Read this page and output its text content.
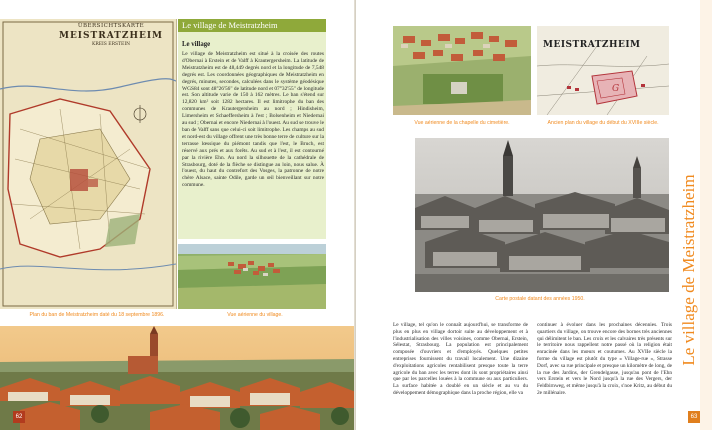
ÜBERSICHTSKARTE
MEISTRATZHEIM
KREIS ERSTEIN
Le village de Meistratzheim
Le village
Le village de Meistratzheim est situé à la croisée des routes d'Obernai à Erstein et de Valff à Krautergersheim. La latitude de Meistratzheim est de 48,449 degrés nord et la longitude de 7,548 degrés est. Les coordonnées géographiques de Meistratzheim en degrés, minutes, secondes, calculées dans le système géodésique WGS84 sont 48°26'56" de latitude nord et 07°32'55" de longitude est. Son altitude varie de 150 à 162 mètres. Le ban s'étend sur 12,820 km² soit 1282 hectares. Il est limitrophe du ban des communes de Krautergersheim au nord ; Hindisheim, Limersheim et Schaeffersheim à l'est ; Bolsenheim et Niedernai au sud ; Obernai et encore Niedernai à l'ouest. Au sud se trouve le ban de Valff sans que celui-ci soit limitrophe. Les champs au sud et nord-est du village offrent une très bonne terre de culture sur la terrasse lœssique du piémont tandis que l'est, le Bruch, est réservé aux prés et aux forêts. Au sud et à l'est, il est contourné par la rivière Ehn. Au nord la silhouette de la cathédrale de Strasbourg, doté de la flèche se distingue au loin, nous salue. À l'ouest, du haut du contrefort des Vosges, la patronne de notre chère Alsace, sainte Odile, garde un œil bienveillant sur notre commune.
Plan du ban de Meistratzheim daté du 18 septembre 1896.	Vue aérienne du village.
62
G
MEISTRATZHEIM
Vue aérienne de la chapelle du cimetière.	Ancien plan du village du début du XVIIIe siècle.
Carte postale datant des années 1950.
Le village, tel qu'on le connaît aujourd'hui, se transforme de plus en plus en village dortoir suite au développement et à l'industrialisation des villes voisines, comme Obernai, Erstein, Sélestat, Strasbourg. La population est principalement composée d'ouvriers et d'employés. Quelques petites entreprises fournissent du travail localement. Une dizaine d'exploitations agricoles rentabilisent presque toute la terre agricole du ban avec les terres dont ils sont propriétaires ainsi que par les parcelles louées à la commune ou aux particuliers. La surface habitée a doublé en un siècle et au vu du développement démographique dans la proche région, elle va
continuer à évoluer dans les prochaines décennies. Trois quartiers du village, on trouve encore des bornes très anciennes qui délimitent le ban. Les croix et les calvaires très présents sur le territoire nous rappellent notre passé où la religion était enracinée dans les mœurs et coutumes. Au XVIIe siècle la forme du village est plutôt du type « Village-rue », Strasse Dorf, avec sa rue principale et presque un kilomètre de long, de la rue des Jardins, der Grendelgasse, jusqu'au pont de l'Ehn vers Erstein et vers le Nord jusqu'à la rue des Vergers, der Feldbirnweg, et même jusqu'à la croix, s'noe Kritz, au début du 2e millénaire.
Le village de Meistratzheim
63
